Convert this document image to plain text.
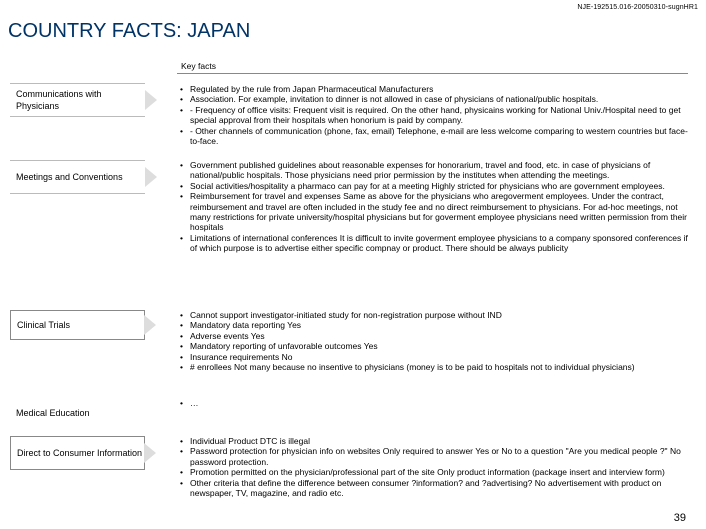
NJE-192515.016-20050310-sugnHR1
COUNTRY FACTS: JAPAN
Key facts
Communications with Physicians
• Regulated by the rule from Japan Pharmaceutical Manufacturers
• Association. For example, invitation to dinner is not allowed in case of physicians of national/public hospitals.
• - Frequency of office visits: Frequent visit is required. On the other hand, physicains working for National Univ./Hospital need to get special approval from their hospitals when honorium is paid by company.
• - Other channels of communication (phone, fax, email) Telephone, e-mail are less welcome comparing to western countries but face-to-face.
Meetings and Conventions
• Government published guidelines about reasonable expenses for honorarium, travel and food, etc. in case of physicians of national/public hospitals. Those physicians need prior permission by the institutes when attending the meetings.
• Social activities/hospitality a pharmaco can pay for at a meeting Highly stricted for physicians who are government employees.
• Reimbursement for travel and expenses Same as above for the physicians who aregoverment employees. Under the contract, reimbursement and travel are often included in the study fee and no direct reimbursement to physicians. For ad-hoc meetings, not many restrictions for private university/hospital physicians but for goverment employee physicians need written permission from their hospitals
• Limitations of international conferences It is difficult to invite goverment employee physicians to a company sponsored conferences if of which purpose is to advertise either specific compnay or product. There should be always publicity
Clinical Trials
• Cannot support investigator-initiated study for non-registration purpose without IND
• Mandatory data reporting Yes
• Adverse events Yes
• Mandatory reporting of unfavorable outcomes Yes
• Insurance requirements No
• # enrollees Not many because no insentive to physicians (money is to be paid to hospitals not to individual physicians)
Medical Education
• …
Direct to Consumer Information
• Individual Product DTC is illegal
• Password protection for physician info on websites Only required to answer Yes or No to a question "Are you medical people ?" No password protection.
• Promotion permitted on the physician/professional part of the site Only product information (package insert and interview form)
• Other criteria that define the difference between consumer ?information? and ?advertising? No advertisement with product on newspaper, TV, magazine, and radio etc.
39
